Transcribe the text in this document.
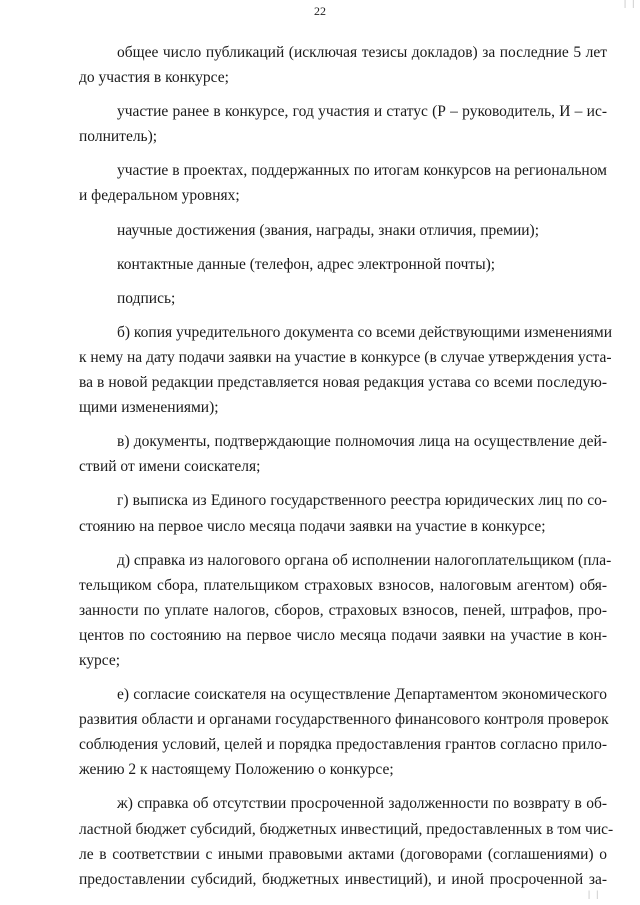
| |
22
общее число публикаций (исключая тезисы докладов) за последние 5 лет
до участия в конкурсе;
участие ранее в конкурсе, год участия и статус (Р – руководитель, И – ис-
полнитель);
участие в проектах, поддержанных по итогам конкурсов на региональном
и федеральном уровнях;
научные достижения (звания, награды, знаки отличия, премии);
контактные данные (телефон, адрес электронной почты);
подпись;
б) копия учредительного документа со всеми действующими изменениями
к нему на дату подачи заявки на участие в конкурсе (в случае утверждения уста-
ва в новой редакции представляется новая редакция устава со всеми последую-
щими изменениями);
в) документы, подтверждающие полномочия лица на осуществление дей-
ствий от имени соискателя;
г) выписка из Единого государственного реестра юридических лиц по со-
стоянию на первое число месяца подачи заявки на участие в конкурсе;
д) справка из налогового органа об исполнении налогоплательщиком (пла-
тельщиком сбора, плательщиком страховых взносов, налоговым агентом) обя-
занности по уплате налогов, сборов, страховых взносов, пеней, штрафов, про-
центов по состоянию на первое число месяца подачи заявки на участие в кон-
курсе;
е) согласие соискателя на осуществление Департаментом экономического
развития области и органами государственного финансового контроля проверок
соблюдения условий, целей и порядка предоставления грантов согласно прило-
жению 2 к настоящему Положению о конкурсе;
ж) справка об отсутствии просроченной задолженности по возврату в об-
ластной бюджет субсидий, бюджетных инвестиций, предоставленных в том чис-
ле в соответствии с иными правовыми актами (договорами (соглашениями) о
предоставлении субсидий, бюджетных инвестиций), и иной просроченной за-
| |
